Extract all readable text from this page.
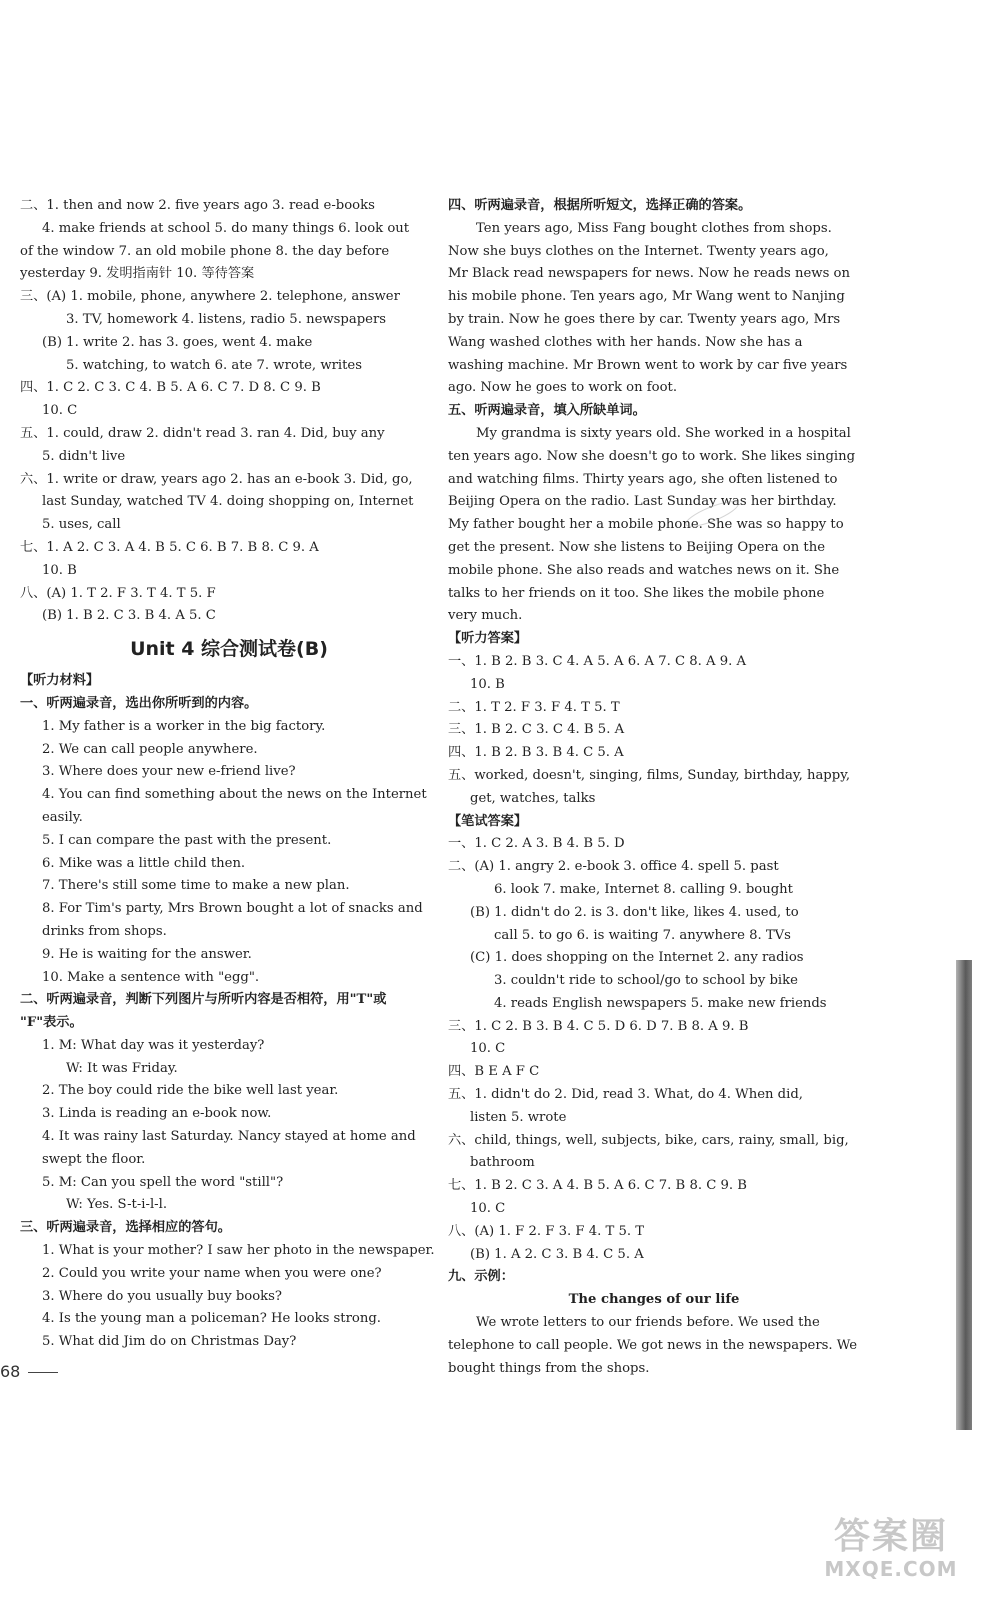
二、1. then and now 2. five years ago 3. read e-books
4. make friends at school 5. do many things 6. look out
of the window 7. an old mobile phone 8. the day before
yesterday 9. 发明指南针 10. 等待答案
三、(A) 1. mobile, phone, anywhere 2. telephone, answer
3. TV, homework 4. listens, radio 5. newspapers
(B) 1. write 2. has 3. goes, went 4. make
5. watching, to watch 6. ate 7. wrote, writes
四、1. C 2. C 3. C 4. B 5. A 6. C 7. D 8. C 9. B
10. C
五、1. could, draw 2. didn't read 3. ran 4. Did, buy any
5. didn't live
六、1. write or draw, years ago 2. has an e-book 3. Did, go,
last Sunday, watched TV 4. doing shopping on, Internet
5. uses, call
七、1. A 2. C 3. A 4. B 5. C 6. B 7. B 8. C 9. A
10. B
八、(A) 1. T 2. F 3. T 4. T 5. F
(B) 1. B 2. C 3. B 4. A 5. C
Unit 4 综合测试卷(B)
【听力材料】
一、听两遍录音，选出你所听到的内容。
1. My father is a worker in the big factory.
2. We can call people anywhere.
3. Where does your new e-friend live?
4. You can find something about the news on the Internet
easily.
5. I can compare the past with the present.
6. Mike was a little child then.
7. There's still some time to make a new plan.
8. For Tim's party, Mrs Brown bought a lot of snacks and
drinks from shops.
9. He is waiting for the answer.
10. Make a sentence with "egg".
二、听两遍录音，判断下列图片与所听内容是否相符，用"T"或
"F"表示。
1. M: What day was it yesterday?
W: It was Friday.
2. The boy could ride the bike well last year.
3. Linda is reading an e-book now.
4. It was rainy last Saturday. Nancy stayed at home and
swept the floor.
5. M: Can you spell the word "still"?
W: Yes. S-t-i-l-l.
三、听两遍录音，选择相应的答句。
1. What is your mother? I saw her photo in the newspaper.
2. Could you write your name when you were one?
3. Where do you usually buy books?
4. Is the young man a policeman? He looks strong.
5. What did Jim do on Christmas Day?
四、听两遍录音，根据所听短文，选择正确的答案。
Ten years ago, Miss Fang bought clothes from shops.
Now she buys clothes on the Internet. Twenty years ago,
Mr Black read newspapers for news. Now he reads news on
his mobile phone. Ten years ago, Mr Wang went to Nanjing
by train. Now he goes there by car. Twenty years ago, Mrs
Wang washed clothes with her hands. Now she has a
washing machine. Mr Brown went to work by car five years
ago. Now he goes to work on foot.
五、听两遍录音，填入所缺单词。
My grandma is sixty years old. She worked in a hospital
ten years ago. Now she doesn't go to work. She likes singing
and watching films. Thirty years ago, she often listened to
Beijing Opera on the radio. Last Sunday was her birthday.
My father bought her a mobile phone. She was so happy to
get the present. Now she listens to Beijing Opera on the
mobile phone. She also reads and watches news on it. She
talks to her friends on it too. She likes the mobile phone
very much.
【听力答案】
一、1. B 2. B 3. C 4. A 5. A 6. A 7. C 8. A 9. A
10. B
二、1. T 2. F 3. F 4. T 5. T
三、1. B 2. C 3. C 4. B 5. A
四、1. B 2. B 3. B 4. C 5. A
五、worked, doesn't, singing, films, Sunday, birthday, happy,
get, watches, talks
【笔试答案】
一、1. C 2. A 3. B 4. B 5. D
二、(A) 1. angry 2. e-book 3. office 4. spell 5. past
6. look 7. make, Internet 8. calling 9. bought
(B) 1. didn't do 2. is 3. don't like, likes 4. used, to
call 5. to go 6. is waiting 7. anywhere 8. TVs
(C) 1. does shopping on the Internet 2. any radios
3. couldn't ride to school/go to school by bike
4. reads English newspapers 5. make new friends
三、1. C 2. B 3. B 4. C 5. D 6. D 7. B 8. A 9. B
10. C
四、B E A F C
五、1. didn't do 2. Did, read 3. What, do 4. When did,
listen 5. wrote
六、child, things, well, subjects, bike, cars, rainy, small, big,
bathroom
七、1. B 2. C 3. A 4. B 5. A 6. C 7. B 8. C 9. B
10. C
八、(A) 1. F 2. F 3. F 4. T 5. T
(B) 1. A 2. C 3. B 4. C 5. A
九、示例：
The changes of our life
We wrote letters to our friends before. We used the
telephone to call people. We got news in the newspapers. We
bought things from the shops.
68
答案圈
MXQE.COM
